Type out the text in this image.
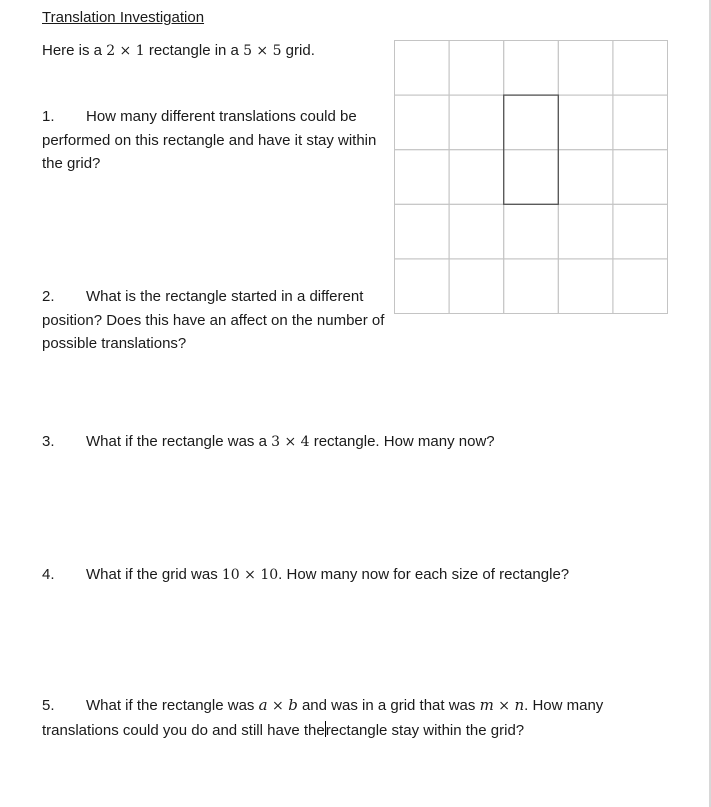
Translation Investigation
Here is a 2 × 1 rectangle in a 5 × 5 grid.
1. How many different translations could be performed on this rectangle and have it stay within the grid?
2. What is the rectangle started in a different position? Does this have an affect on the number of possible translations?
3. What if the rectangle was a 3 × 4 rectangle. How many now?
4. What if the grid was 10 × 10. How many now for each size of rectangle?
5. What if the rectangle was a × b and was in a grid that was m × n. How many translations could you do and still have therectangle stay within the grid?
